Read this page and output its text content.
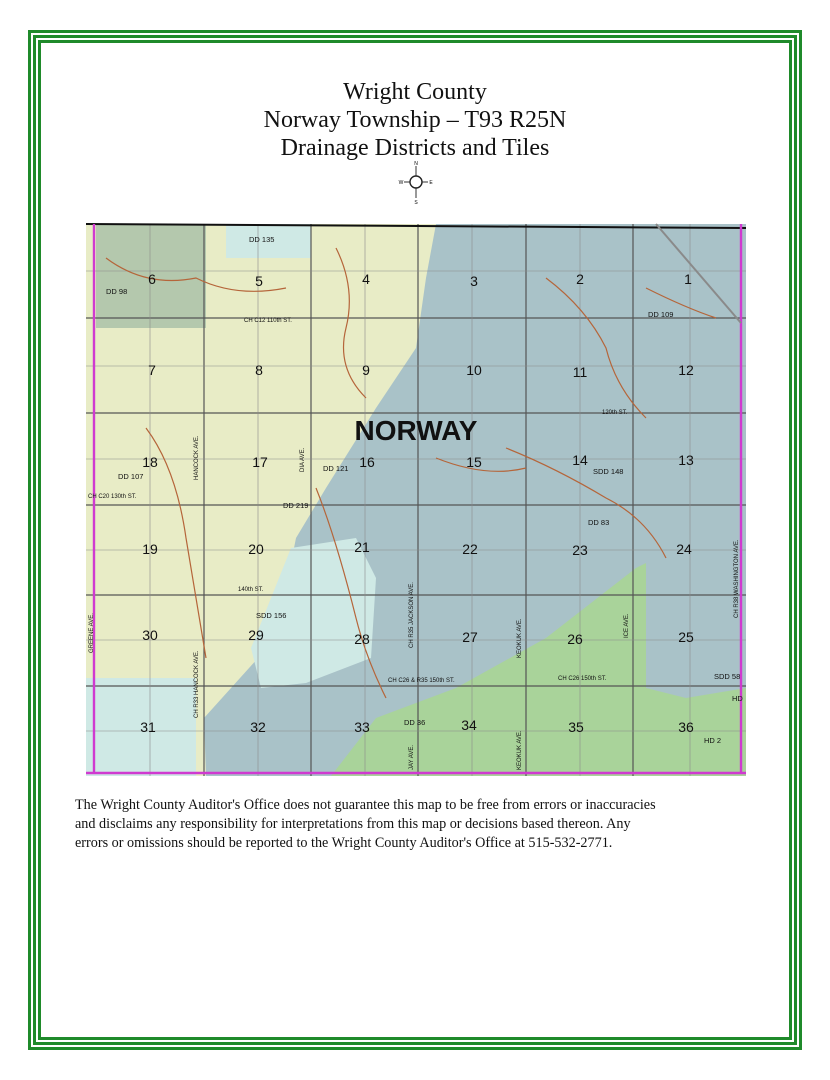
Wright County
Norway Township – T93 R25N
Drainage Districts and Tiles
N
S
E
W
NORWAY
6	5	4	3	2	1
7	8	9	10	11	12
18	17	16	15	14	13
19	20	21	22	23	24
30	29	28	27	26	25
31	32	33	34	35	36
DD 135
DD 98
DD 109
DD 107
DD 121
DD 219
SDD 148
DD 83
SDD 156
DD 36
HD 2
SDD 58
HD
CH C12 110th ST.
120th ST.
CH C20 130th ST.
140th ST.
CH C26 & R35 150th ST.	CH C26 150th ST.
HANCOCK AVE.	DIA AVE.
GREENE AVE.
CH R33 HANCOCK AVE.
CH R35 JACKSON AVE.	KEOKUK AVE.	ICE AVE.
CH R38 WASHINGTON AVE.
JAY AVE.	KEOKUK AVE.
The Wright County Auditor's Office does not guarantee this map to be free from errors or inaccuracies
and disclaims any responsibility for interpretations from this map or decisions based thereon. Any
errors or omissions should be reported to the Wright County Auditor's Office at 515-532-2771.
